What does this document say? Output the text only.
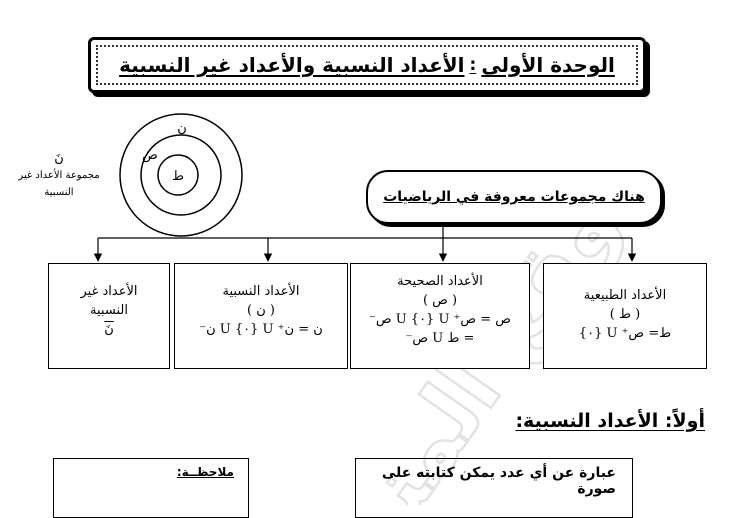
المنـار
الوحدة الأولى
:
الأعداد النسبية والأعداد غير النسبية
ن
ص
ط
نَ
مجموعة الأعداد غير
النسبية	هناك مجموعات معروفة في الرياضيات
الأعداد الطبيعية
( ط )
ط= ص⁺ U {٠}
الأعداد الصحيحة
( ص )
ص = ص⁺ U {٠} U ص⁻
= ط U ص⁻
الأعداد النسبية
( ن )
ن = ن⁺ U {٠} U ن⁻
الأعداد غير
النسبية
نَ
أولاً: الأعداد النسبية:
عبارة عن أي عدد يمكن كتابته على صورة
ملاحظــة:
